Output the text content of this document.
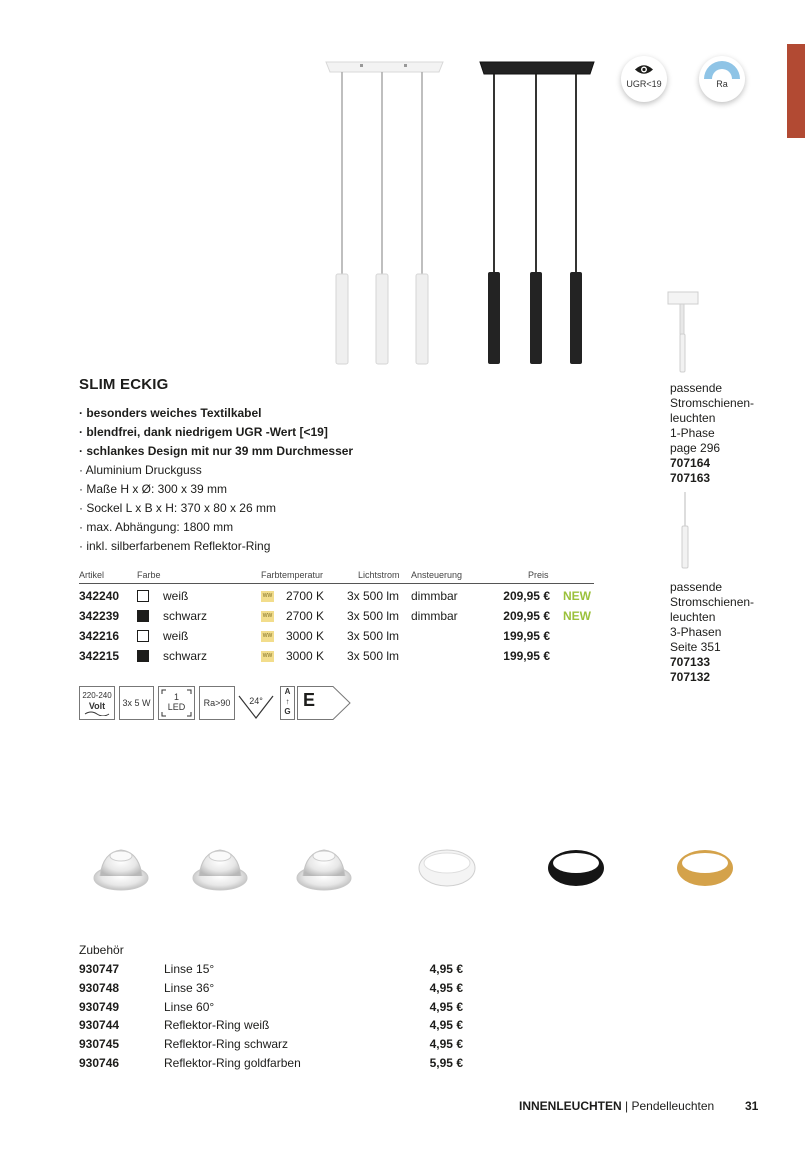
UGR<19	Ra
SLIM ECKIG
· besonders weiches Textilkabel
· blendfrei, dank niedrigem UGR -Wert [<19]
· schlankes Design mit nur 39 mm Durchmesser
· Aluminium Druckguss
· Maße H x Ø: 300 x 39 mm
· Sockel L x B x H: 370 x 80 x 26 mm
· max. Abhängung: 1800 mm
· inkl. silberfarbenem Reflektor-Ring
Artikel	Farbe	Farbtemperatur	Lichtstrom Ansteuerung	Preis
342240	weiß	WW 2700 K 3x 500 lm dimmbar	209,95 € NEW
342239	schwarz	WW 2700 K 3x 500 lm dimmbar	209,95 € NEW
342216	weiß	WW 3000 K 3x 500 lm	199,95 €
342215	schwarz	WW 3000 K 3x 500 lm	199,95 €
220-240
Volt	3x 5 W
1
LED	Ra>90	24°
A
↑
G
E
passende
Stromschienen-
leuchten
1-Phase
page 296
707164
707163
passende
Stromschienen-
leuchten
3-Phasen
Seite 351
707133
707132
Zubehör
930747	Linse 15°	4,95 €
930748	Linse 36°	4,95 €
930749	Linse 60°	4,95 €
930744	Reflektor-Ring weiß	4,95 €
930745	Reflektor-Ring schwarz	4,95 €
930746	Reflektor-Ring goldfarben	5,95 €
INNENLEUCHTEN | Pendelleuchten	31
